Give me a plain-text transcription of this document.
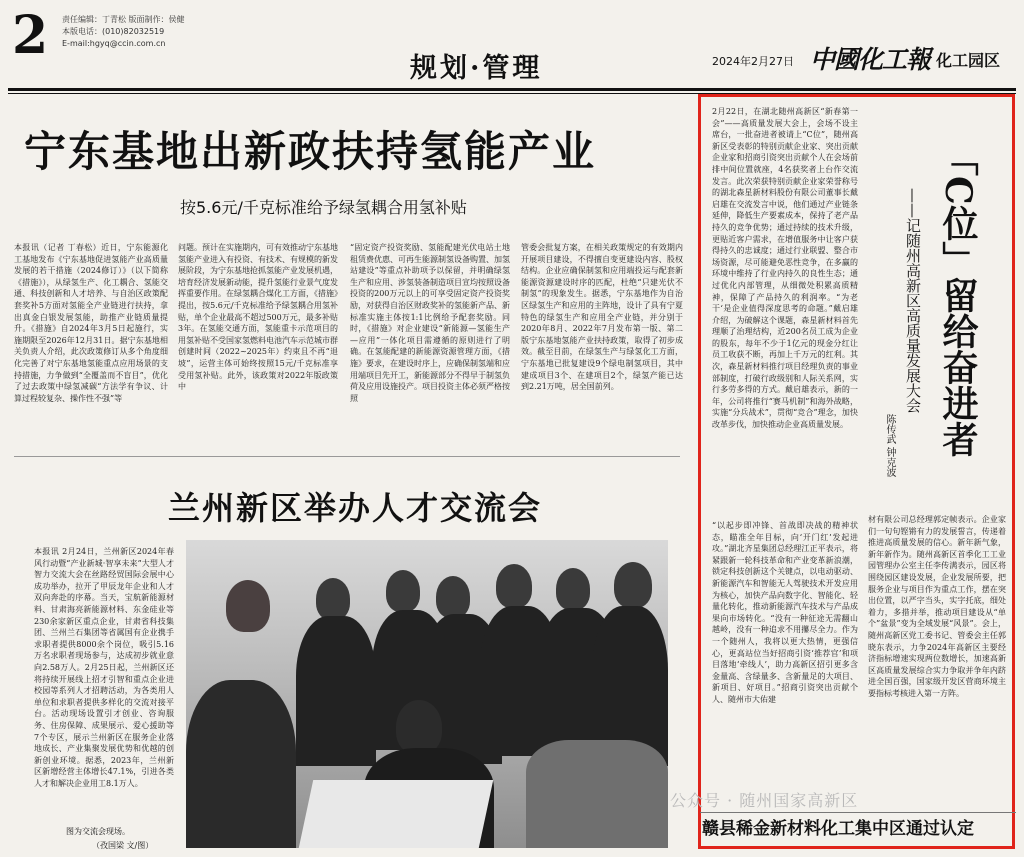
2 责任编辑：丁青松 版面制作：侯健
本版电话：(010)82032519
E-mail:hgyq@ccin.com.cn
规划·管理	2024年2月27日 中國化工報 化工园区
宁东基地出新政扶持氢能产业
按5.6元/千克标准给予绿氢耦合用氢补贴
本报讯（记者 丁春松）近日，宁东能源化工基地发布《宁东基地促进氢能产业高质量发展的若干措施（2024修订）》（以下简称《措施》），从绿氢生产、化工耦合、氢能交通、科技创新和人才培养、与自治区政策配套奖补5方面对氢能全产业链进行扶持，拿出真金白银发展氢能，助推产业链质量提升。《措施》自2024年3月5日起施行，实施期限至2026年12月31日。据宁东基地相关负责人介绍，此次政策修订从多个角度细化完善了对宁东基地氢能重点应用场景的支持措施，力争做到“全覆盖而不盲目”，优化了过去政策中绿氢减碳“方法学有争议、计算过程较复杂、操作性不强”等
问题。预计在实施期内，可有效推动宁东基地氢能产业进入有投资、有技术、有规模的新发展阶段，为宁东基地抢抓氢能产业发展机遇，培育经济发展新动能，提升氢能行业景气度发挥重要作用。在绿氢耦合煤化工方面，《措施》提出，按5.6元/千克标准给予绿氢耦合用氢补贴，单个企业最高不超过500万元，最多补贴3年。在氢能交通方面，氢能重卡示范项目的用氢补贴不受国家氢燃料电池汽车示范城市群创建时间（2022~2025年）约束且不再“退坡”，运营主体可始终按照15元/千克标准享受用氢补贴。此外，该政策对2022年版政策中
“固定资产投资奖励、氢能配建光伏电站土地租赁费优惠、可再生能源制氢设备购置、加氢站建设”等重点补助项予以保留，并明确绿氢生产和应用、涉氢装备制造项目宣均按照设备投资的200万元以上的可享受固定资产投资奖励，对获得自治区财政奖补的氢能新产品、新标准实施主体按1:1比例给予配套奖励。同时，《措施》对企业建设“新能源—氢能生产—应用”一体化项目需遵循的原则进行了明确。在氢能配建的新能源资源管理方面，《措施》要求，在建设时序上，应确保制氢端和应用端项目先开工，新能源部分不得早于制氢负荷及应用设施投产。项目投资主体必须严格按照
管委会批复方案，在相关政策规定的有效期内开展项目建设，不得擅自变更建设内容、股权结构。企业应确保制氢和应用端投运与配套新能源资源建设时序的匹配，杜绝“只建光伏不制氢”的现象发生。据悉，宁东基地作为自治区绿氢生产和应用的主阵地，设计了具有宁夏特色的绿氢生产和应用全产业链，并分别于2020年8月、2022年7月发布第一版、第二版宁东基地氢能产业扶持政策，取得了初步成效。截至目前，在绿氢生产与绿氢化工方面，宁东基地已批复建设9个绿电制氢项目，其中建成项目3个、在建项目2个，绿氢产能已达到2.21万吨，居全国前列。
兰州新区举办人才交流会
本报讯 2月24日，兰州新区2024年春风行动暨“产业新城·智享未来”大型人才智力交流大会在丝路经贸国际会展中心成功举办，拉开了甲辰龙年企业和人才双向奔赴的序幕。当天，宝航新能源材料、甘肃海亮新能源材料、东金硅业等230余家新区重点企业，甘肃省科技集团、兰州兰石集团等省属国有企业携手求职者提供8000余个岗位，吸引5.16万名求职者现场参与，达成初步就业意向2.58万人。2月25日起，兰州新区还将持续开展线上招才引智和重点企业进校园等系列人才招聘活动，为各类用人单位和求职者提供多样化的交流对接平台。活动现场设置引才创业、咨询服务、住房保障、成果展示、爱心援助等7个专区，展示兰州新区在服务企业落地成长、产业集聚发展优势和优越的创新创业环境。据悉，2023年，兰州新区新增经营主体增长47.1%，引进各类人才和解决企业用工8.1万人。
图为交流会现场。
（孜国梁 文/图）
「C位」留给奋进者
——记随州高新区高质量发展大会
陈传武 钟克波
2月22日，在湖北随州高新区“新春第一会”——高质量发展大会上，会场不设主席台，一批奋进者被请上“C位”，随州高新区受表彰的特别贡献企业家、突出贡献企业家和招商引资突出贡献个人在会场前排中间位置就座，4名获奖者上台作交流发言。此次荣获特别贡献企业家荣誉称号的湖北森星新材料股份有限公司董事长戴启雄在交流发言中说，他们通过产业链条延伸，降低生产要素成本，保持了老产品持久的竞争优势；通过持续的技术升级，更贴近客户需求，在增值服务中让客户获得持久的忠诚度；通过行业联盟、整合市场资源，尽可能避免恶性竞争，在多赢的环境中维持了行业内持久的良性生态；通过优化内部管理，从细微处积累高质精神，保障了产品持久的利润率。“为老干‘是企业值得深度思考的命题。”戴启雄介绍，为破解这个课题，森星新材料首先理顺了治理结构，近200名员工成为企业的股东，每年不少于1亿元的现金分红让员工收获不断，再加上千万元的红利。其次，森星新材料推行项目经理负责的事业部制度，打破行政级别和人际关系网，实行多劳多得的方式。戴启雄表示，新的一年，公司将推行“赛马机制”和海外战略，实施“分兵战术”，贯彻“竞合”理念，加快改革步伐，加快推动企业高质量发展。
“以起步即冲锋、首战即决战的精神状态，瞄准全年目标，向‘开门红’发起进攻。”湖北齐星集团总经理江正平表示，将紧跟新一轮科技革命和产业变革新浪潮，锁定科技创新这个关键点，以电动驱动、新能源汽车和智能无人驾驶技术开发应用为核心，加快产品向数字化、智能化、轻量化转化，推动新能源汽车技术与产品成果向市场转化。“没有一种征途无需翻山越岭，没有一种追求不用攥尽全力。作为一个随州人，我将以更大热情，更强信心，更高站位当好招商引资‘推荐官’和项目落地‘牵线人’，助力高新区招引更多含金量高、含绿量多、含新量足的大项目、新项目、好项目。”招商引资突出贡献个人、随州市大佑建
材有限公司总经理郭定帧表示。企业家们一句句铿锵有力的发展誓言，传递着推进高质量发展的信心。新年新气象，新年新作为。随州高新区首季化工工业园管理办公室主任李传满表示，园区将围绕园区建设发展，企业发展所要，把服务企业与项目作为重点工作，摆在突出位置，以严字当头，实字托底，细处着力，多措并举，推动项目建设从“单个”盆景”变为全域发展“风景”。会上，随州高新区党工委书记、管委会主任郭晓东表示，力争2024年高新区主要经济指标增速实现两位数增长，加速高新区高质量发展综合实力争取并争年内跻进全国百强，国家级开发区营商环境主要指标考核进入第一方阵。
公众号 · 随州国家高新区
赣县稀金新材料化工集中区通过认定
